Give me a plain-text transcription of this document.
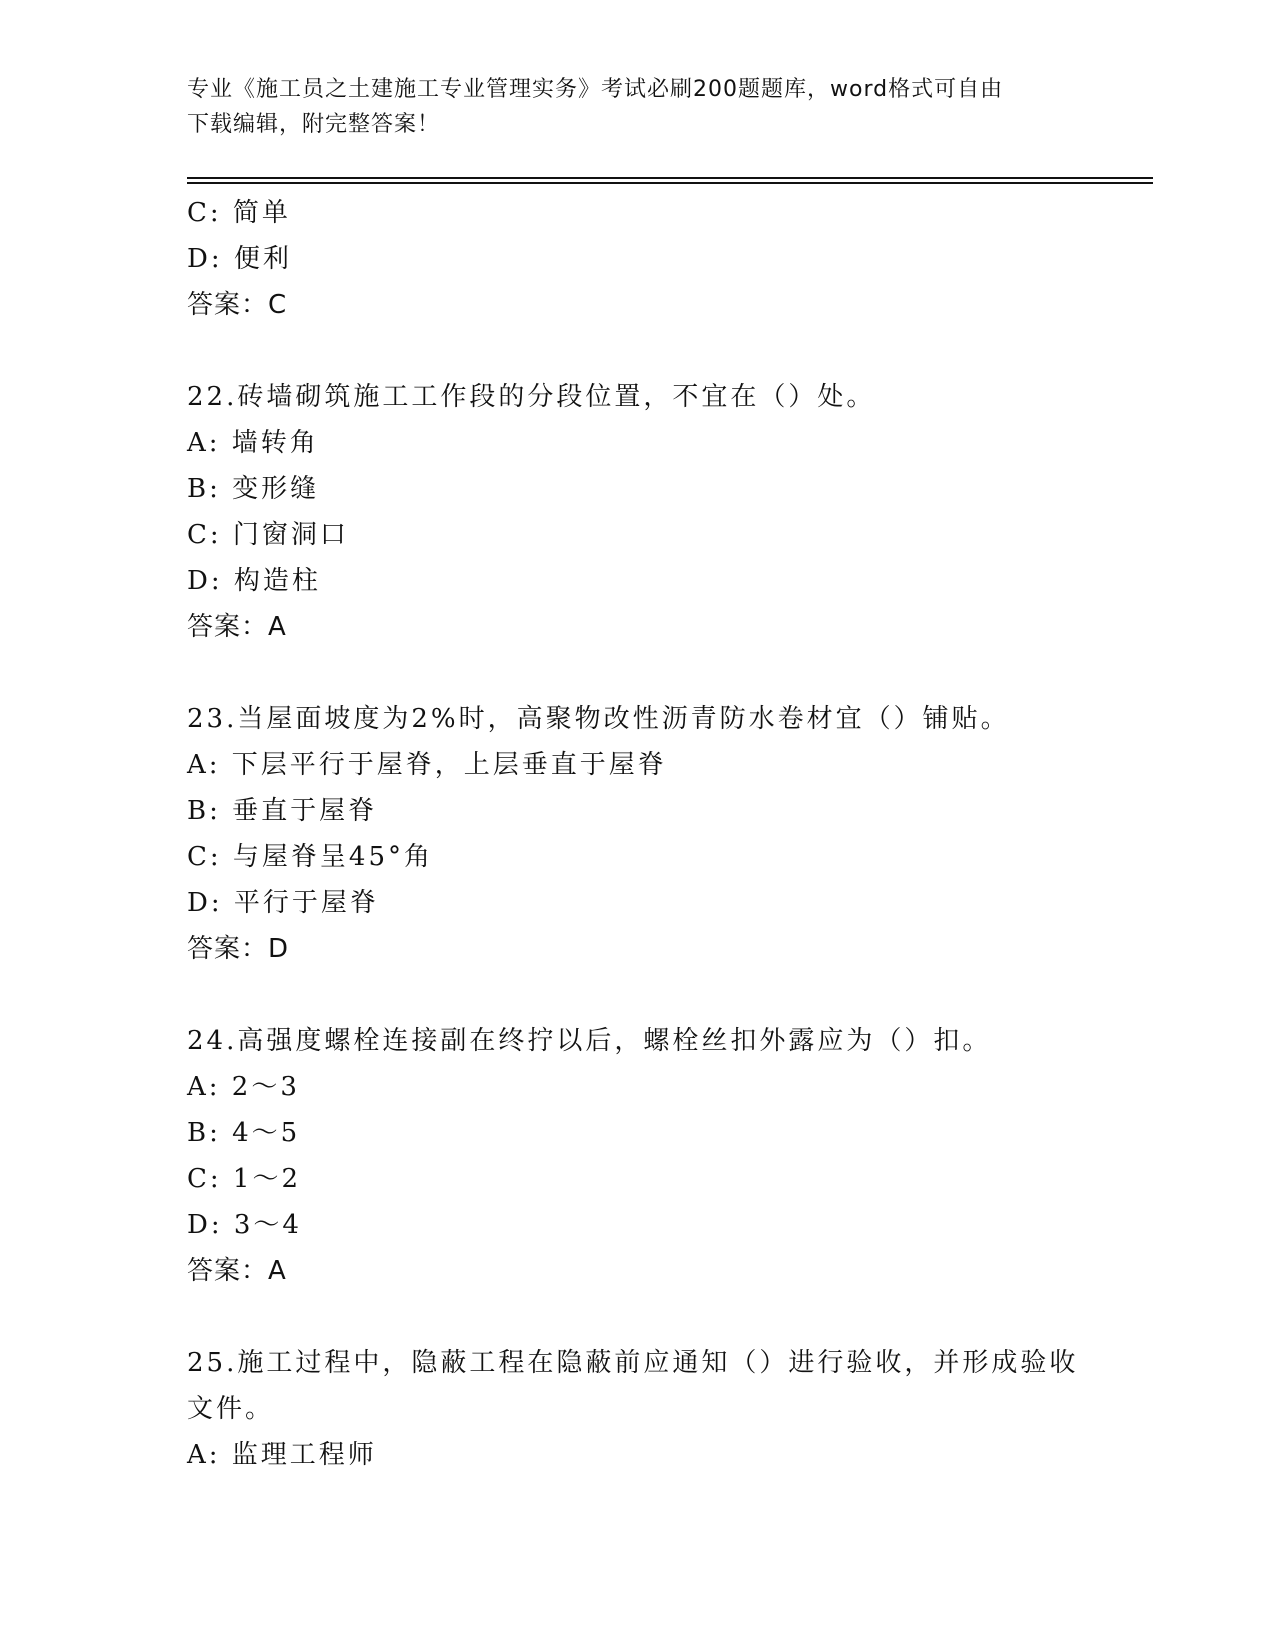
专业《施工员之土建施工专业管理实务》考试必刷200题题库，word格式可自由
下载编辑，附完整答案！
C: 简单
D: 便利
答案：C
22.砖墙砌筑施工工作段的分段位置，不宜在（）处。
A: 墙转角
B: 变形缝
C: 门窗洞口
D: 构造柱
答案：A
23.当屋面坡度为2%时，高聚物改性沥青防水卷材宜（）铺贴。
A: 下层平行于屋脊，上层垂直于屋脊
B: 垂直于屋脊
C: 与屋脊呈45°角
D: 平行于屋脊
答案：D
24.高强度螺栓连接副在终拧以后，螺栓丝扣外露应为（）扣。
A: 2～3
B: 4～5
C: 1～2
D: 3～4
答案：A
25.施工过程中，隐蔽工程在隐蔽前应通知（）进行验收，并形成验收
文件。
A: 监理工程师
